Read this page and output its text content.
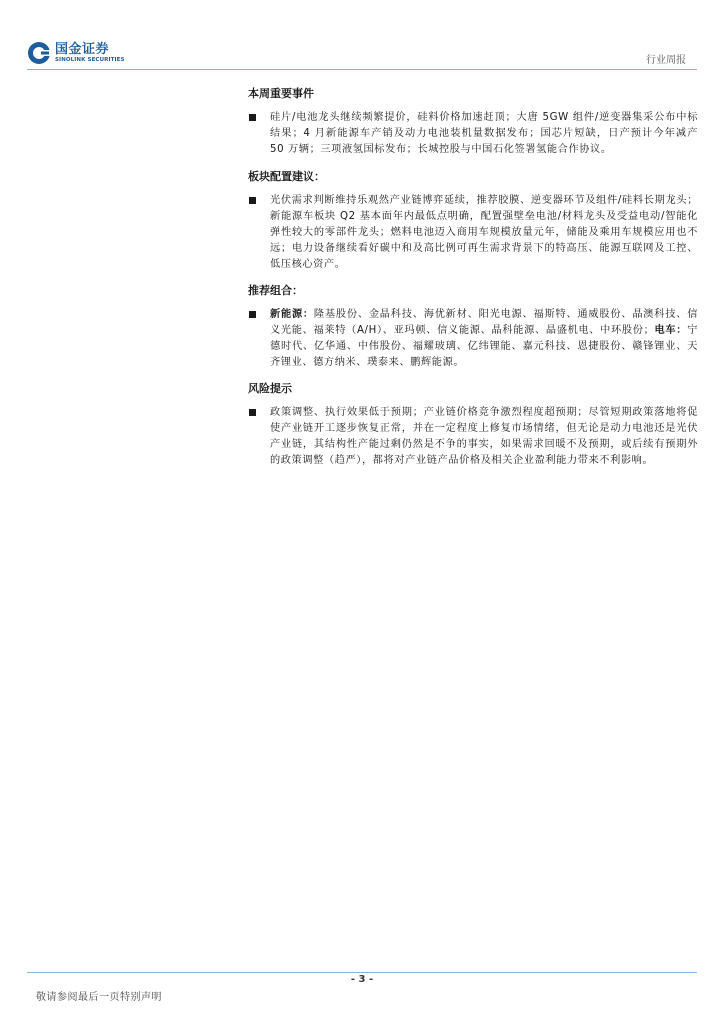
国金证券
SINOLINK SECURITIES	行业周报
本周重要事件

硅片/电池龙头继续频繁提价，硅料价格加速赶顶；大唐 5GW 组件/逆变器集采公布中标结果；4 月新能源车产销及动力电池装机量数据发布；国芯片短缺，日产预计今年减产 50 万辆；三项液氢国标发布；长城控股与中国石化签署氢能合作协议。

板块配置建议：

光伏需求判断维持乐观然产业链博弈延续，推荐胶膜、逆变器环节及组件/硅料长期龙头；新能源车板块 Q2 基本面年内最低点明确，配置强壁垒电池/材料龙头及受益电动/智能化弹性较大的零部件龙头；燃料电池迈入商用车规模放量元年，储能及乘用车规模应用也不远；电力设备继续看好碳中和及高比例可再生需求背景下的特高压、能源互联网及工控、低压核心资产。

推荐组合：

新能源：隆基股份、金晶科技、海优新材、阳光电源、福斯特、通威股份、晶澳科技、信义光能、福莱特（A/H）、亚玛顿、信义能源、晶科能源、晶盛机电、中环股份；电车：宁德时代、亿华通、中伟股份、福耀玻璃、亿纬锂能、嘉元科技、恩捷股份、赣锋锂业、天齐锂业、德方纳米、璞泰来、鹏辉能源。

风险提示

政策调整、执行效果低于预期；产业链价格竞争激烈程度超预期；尽管短期政策落地将促使产业链开工逐步恢复正常，并在一定程度上修复市场情绪，但无论是动力电池还是光伏产业链，其结构性产能过剩仍然是不争的事实，如果需求回暖不及预期，或后续有预期外的政策调整（趋严），都将对产业链产品价格及相关企业盈利能力带来不利影响。

- 3 -
敬请参阅最后一页特别声明
